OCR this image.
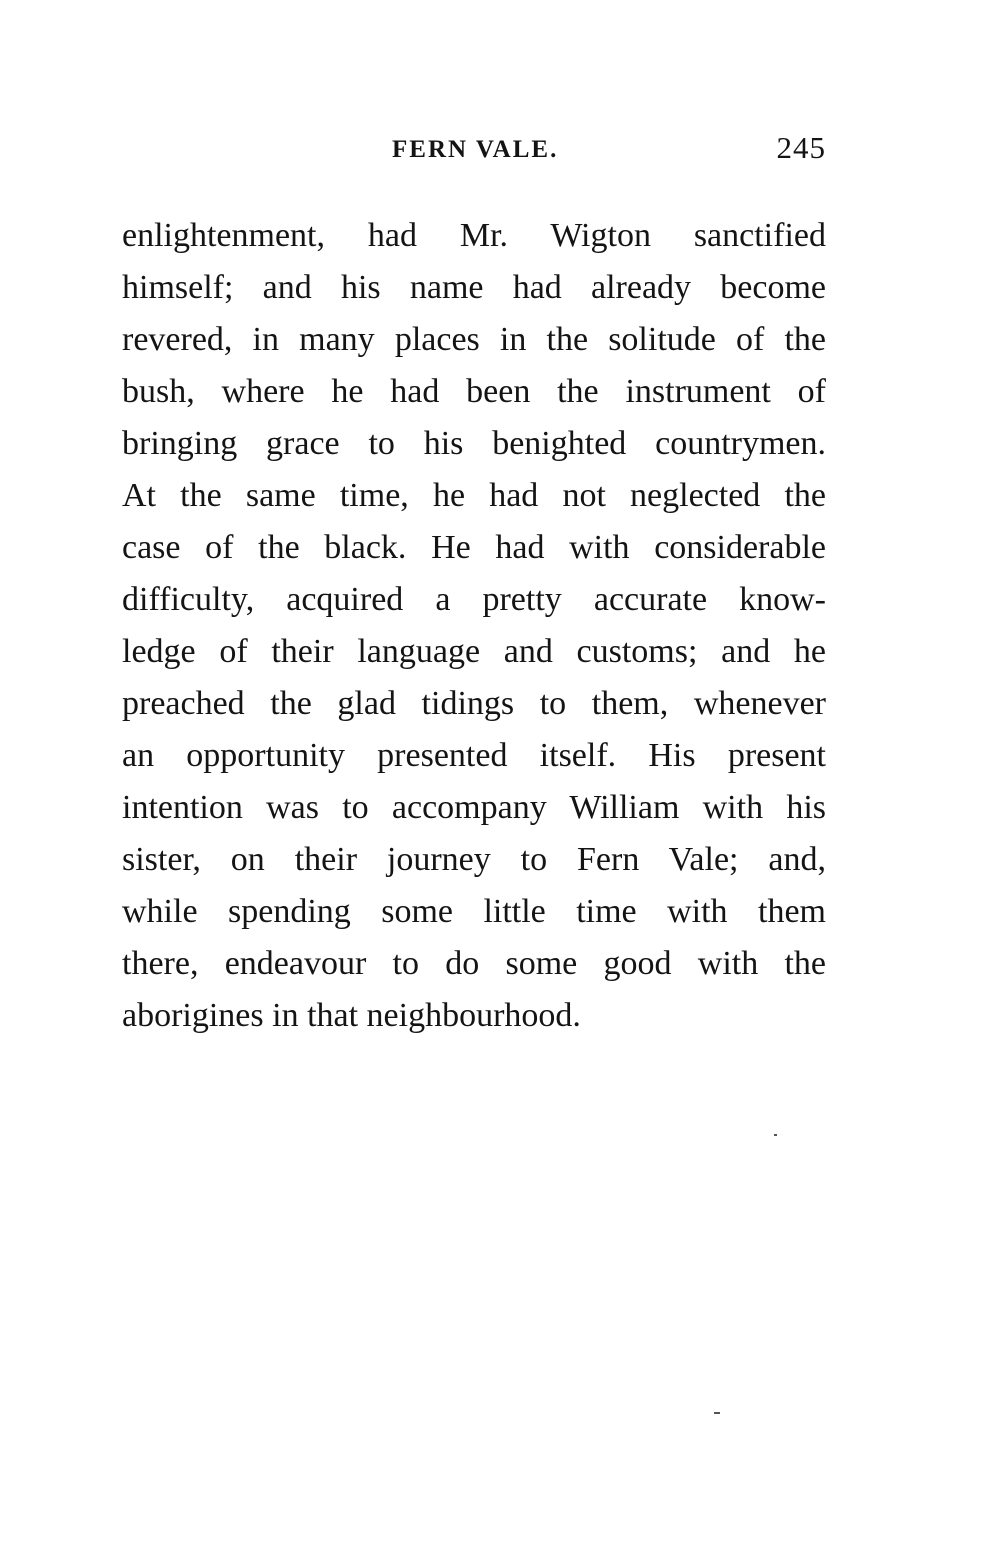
FERN VALE.	245
enlightenment, had Mr. Wigton sanctified
himself; and his name had already become
revered, in many places in the solitude of the
bush, where he had been the instrument of
bringing grace to his benighted countrymen.
At the same time, he had not neglected the
case of the black. He had with considerable
difficulty, acquired a pretty accurate know-
ledge of their language and customs; and he
preached the glad tidings to them, whenever
an opportunity presented itself. His present
intention was to accompany William with his
sister, on their journey to Fern Vale; and,
while spending some little time with them
there, endeavour to do some good with the
aborigines in that neighbourhood.
